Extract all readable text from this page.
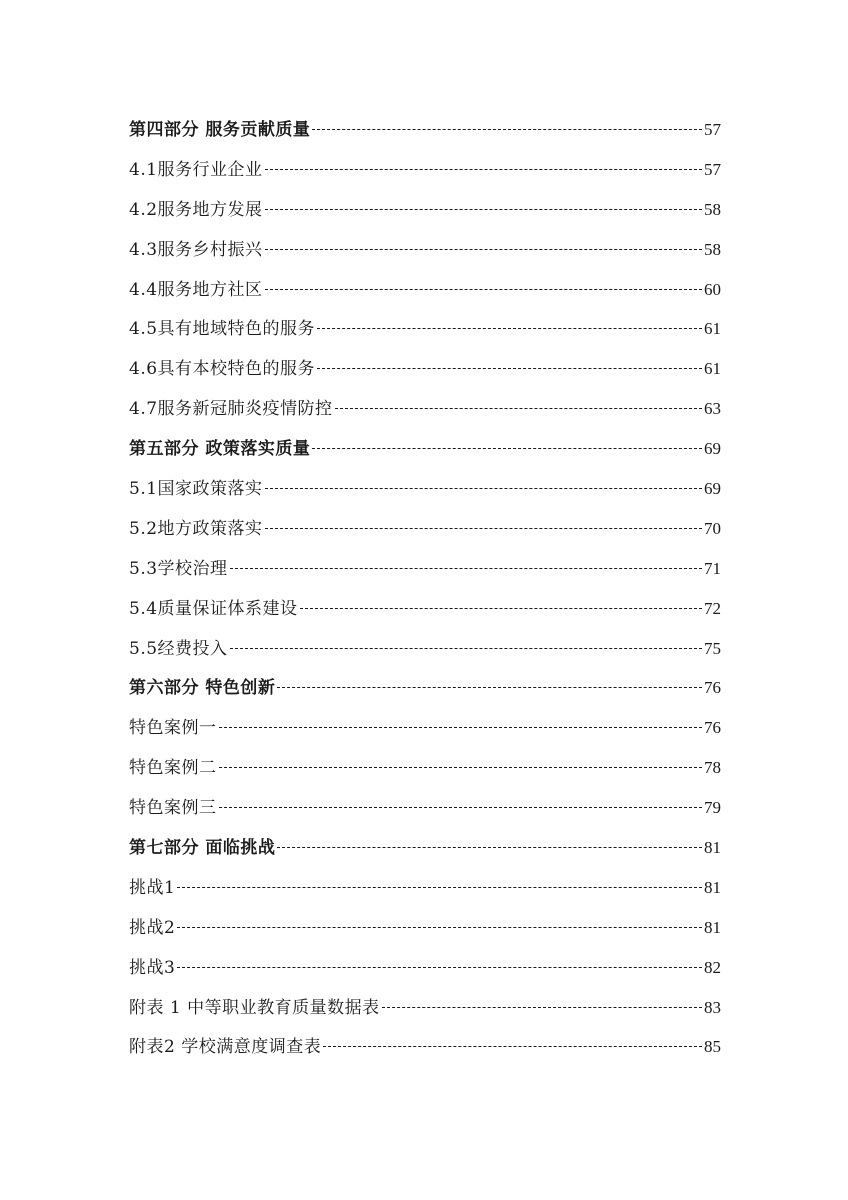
第四部分 服务贡献质量	57
4.1服务行业企业	57
4.2服务地方发展	58
4.3服务乡村振兴	58
4.4服务地方社区	60
4.5具有地域特色的服务	61
4.6具有本校特色的服务	61
4.7服务新冠肺炎疫情防控	63
第五部分 政策落实质量	69
5.1国家政策落实	69
5.2地方政策落实	70
5.3学校治理	71
5.4质量保证体系建设	72
5.5经费投入	75
第六部分 特色创新	76
特色案例一	76
特色案例二	78
特色案例三	79
第七部分 面临挑战	81
挑战1	81
挑战2	81
挑战3	82
附表 1 中等职业教育质量数据表	83
附表2 学校满意度调查表	85
